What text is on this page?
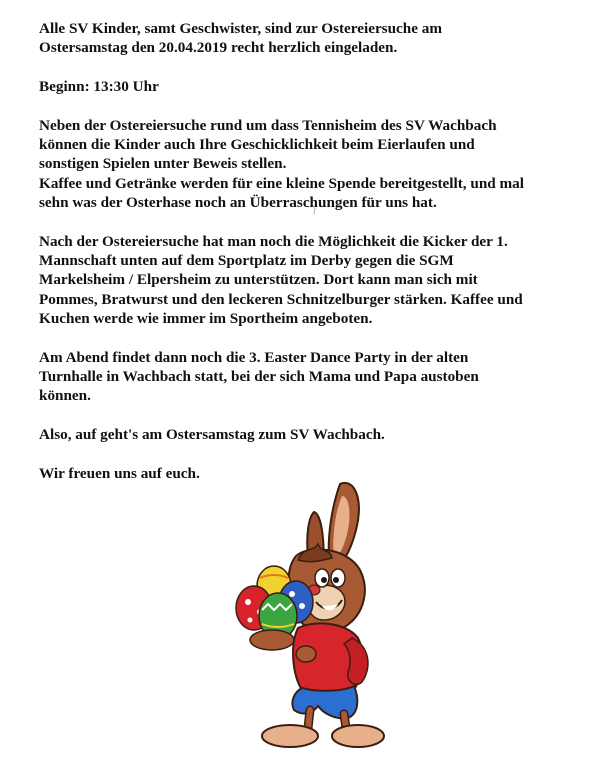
Alle SV Kinder, samt Geschwister, sind zur Ostereiersuche am
Ostersamstag den 20.04.2019 recht herzlich eingeladen.

Beginn: 13:30 Uhr

Neben der Ostereiersuche rund um dass Tennisheim des SV Wachbach
können die Kinder auch Ihre Geschicklichkeit beim Eierlaufen und
sonstigen Spielen unter Beweis stellen.
Kaffee und Getränke werden für eine kleine Spende bereitgestellt, und mal
sehn was der Osterhase noch an Überraschungen für uns hat.

Nach der Ostereiersuche hat man noch die Möglichkeit die Kicker der 1.
Mannschaft unten auf dem Sportplatz im Derby gegen die SGM
Markelsheim / Elpersheim zu unterstützen. Dort kann man sich mit
Pommes, Bratwurst und den leckeren Schnitzelburger stärken. Kaffee und
Kuchen werde wie immer im Sportheim angeboten.

Am Abend findet dann noch die 3. Easter Dance Party in der alten
Turnhalle in Wachbach statt, bei der sich Mama und Papa austoben
können.

Also, auf geht's am Ostersamstag zum SV Wachbach.

Wir freuen uns auf euch.
